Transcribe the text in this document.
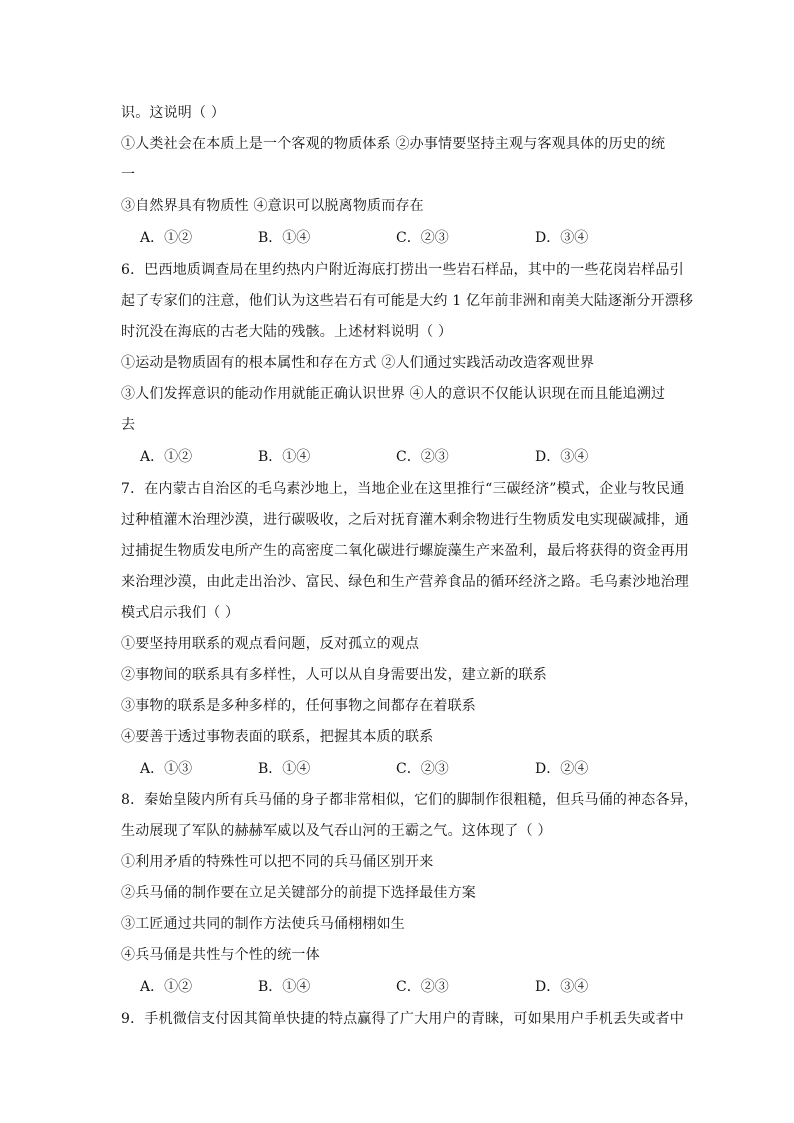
识。这说明（ ）
①人类社会在本质上是一个客观的物质体系 ②办事情要坚持主观与客观具体的历史的统
一
③自然界具有物质性 ④意识可以脱离物质而存在
A．①②	B．①④	C．②③	D．③④
6．巴西地质调查局在里约热内户附近海底打捞出一些岩石样品，其中的一些花岗岩样品引
起了专家们的注意，他们认为这些岩石有可能是大约 1 亿年前非洲和南美大陆逐渐分开漂移
时沉没在海底的古老大陆的残骸。上述材料说明（ ）
①运动是物质固有的根本属性和存在方式 ②人们通过实践活动改造客观世界
③人们发挥意识的能动作用就能正确认识世界 ④人的意识不仅能认识现在而且能追溯过
去
A．①②	B．①④	C．②③	D．③④
7．在内蒙古自治区的毛乌素沙地上，当地企业在这里推行“三碳经济”模式，企业与牧民通
过种植灌木治理沙漠，进行碳吸收，之后对抚育灌木剩余物进行生物质发电实现碳减排，通
过捕捉生物质发电所产生的高密度二氧化碳进行螺旋藻生产来盈利，最后将获得的资金再用
来治理沙漠，由此走出治沙、富民、绿色和生产营养食品的循环经济之路。毛乌素沙地治理
模式启示我们（ ）
①要坚持用联系的观点看问题，反对孤立的观点
②事物间的联系具有多样性，人可以从自身需要出发，建立新的联系
③事物的联系是多种多样的，任何事物之间都存在着联系
④要善于透过事物表面的联系，把握其本质的联系
A．①③	B．①④	C．②③	D．②④
8．秦始皇陵内所有兵马俑的身子都非常相似，它们的脚制作很粗糙，但兵马俑的神态各异，
生动展现了军队的赫赫军威以及气吞山河的王霸之气。这体现了（ ）
①利用矛盾的特殊性可以把不同的兵马俑区别开来
②兵马俑的制作要在立足关键部分的前提下选择最佳方案
③工匠通过共同的制作方法使兵马俑栩栩如生
④兵马俑是共性与个性的统一体
A．①②	B．①④	C．②③	D．③④
9．手机微信支付因其简单快捷的特点赢得了广大用户的青睐，可如果用户手机丢失或者中
